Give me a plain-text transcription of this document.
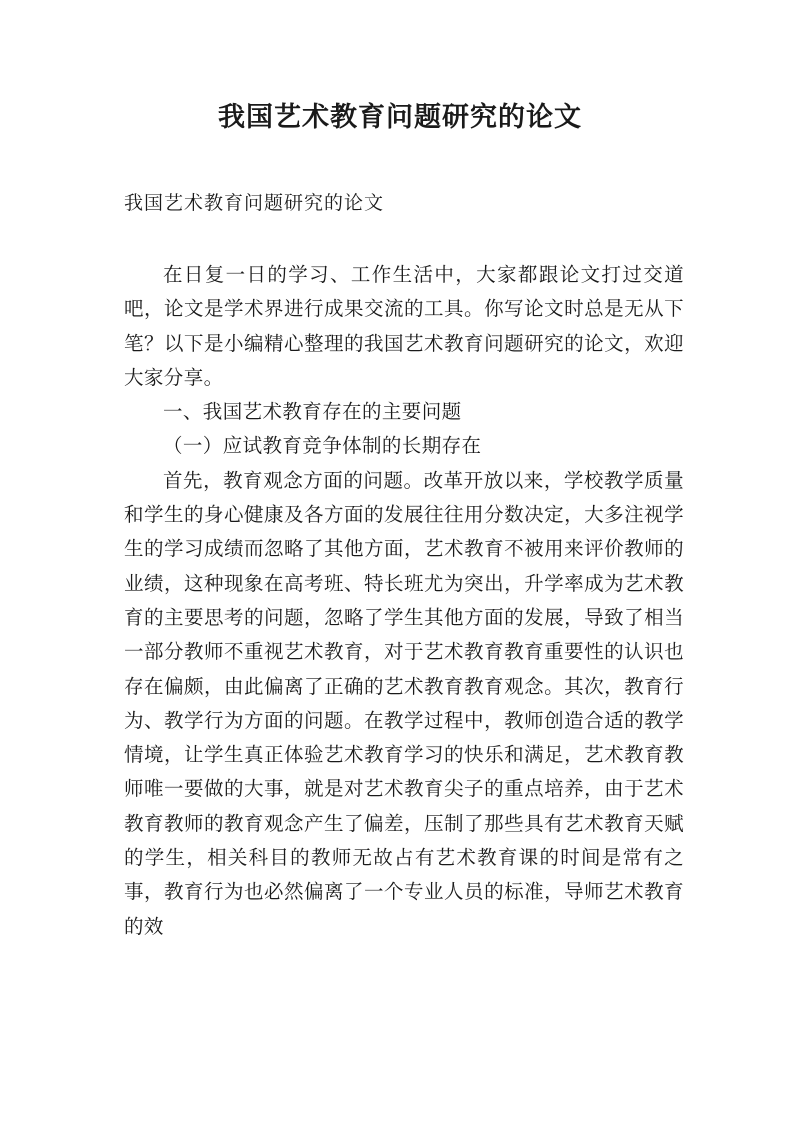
我国艺术教育问题研究的论文

我国艺术教育问题研究的论文

在日复一日的学习、工作生活中，大家都跟论文打过交道吧，论文是学术界进行成果交流的工具。你写论文时总是无从下笔？以下是小编精心整理的我国艺术教育问题研究的论文，欢迎大家分享。

一、我国艺术教育存在的主要问题

（一）应试教育竞争体制的长期存在

首先，教育观念方面的问题。改革开放以来，学校教学质量和学生的身心健康及各方面的发展往往用分数决定，大多注视学生的学习成绩而忽略了其他方面，艺术教育不被用来评价教师的业绩，这种现象在高考班、特长班尤为突出，升学率成为艺术教育的主要思考的问题，忽略了学生其他方面的发展，导致了相当一部分教师不重视艺术教育，对于艺术教育教育重要性的认识也存在偏颇，由此偏离了正确的艺术教育教育观念。其次，教育行为、教学行为方面的问题。在教学过程中，教师创造合适的教学情境，让学生真正体验艺术教育学习的快乐和满足，艺术教育教师唯一要做的大事，就是对艺术教育尖子的重点培养，由于艺术教育教师的教育观念产生了偏差，压制了那些具有艺术教育天赋的学生，相关科目的教师无故占有艺术教育课的时间是常有之事，教育行为也必然偏离了一个专业人员的标准，导师艺术教育的效
